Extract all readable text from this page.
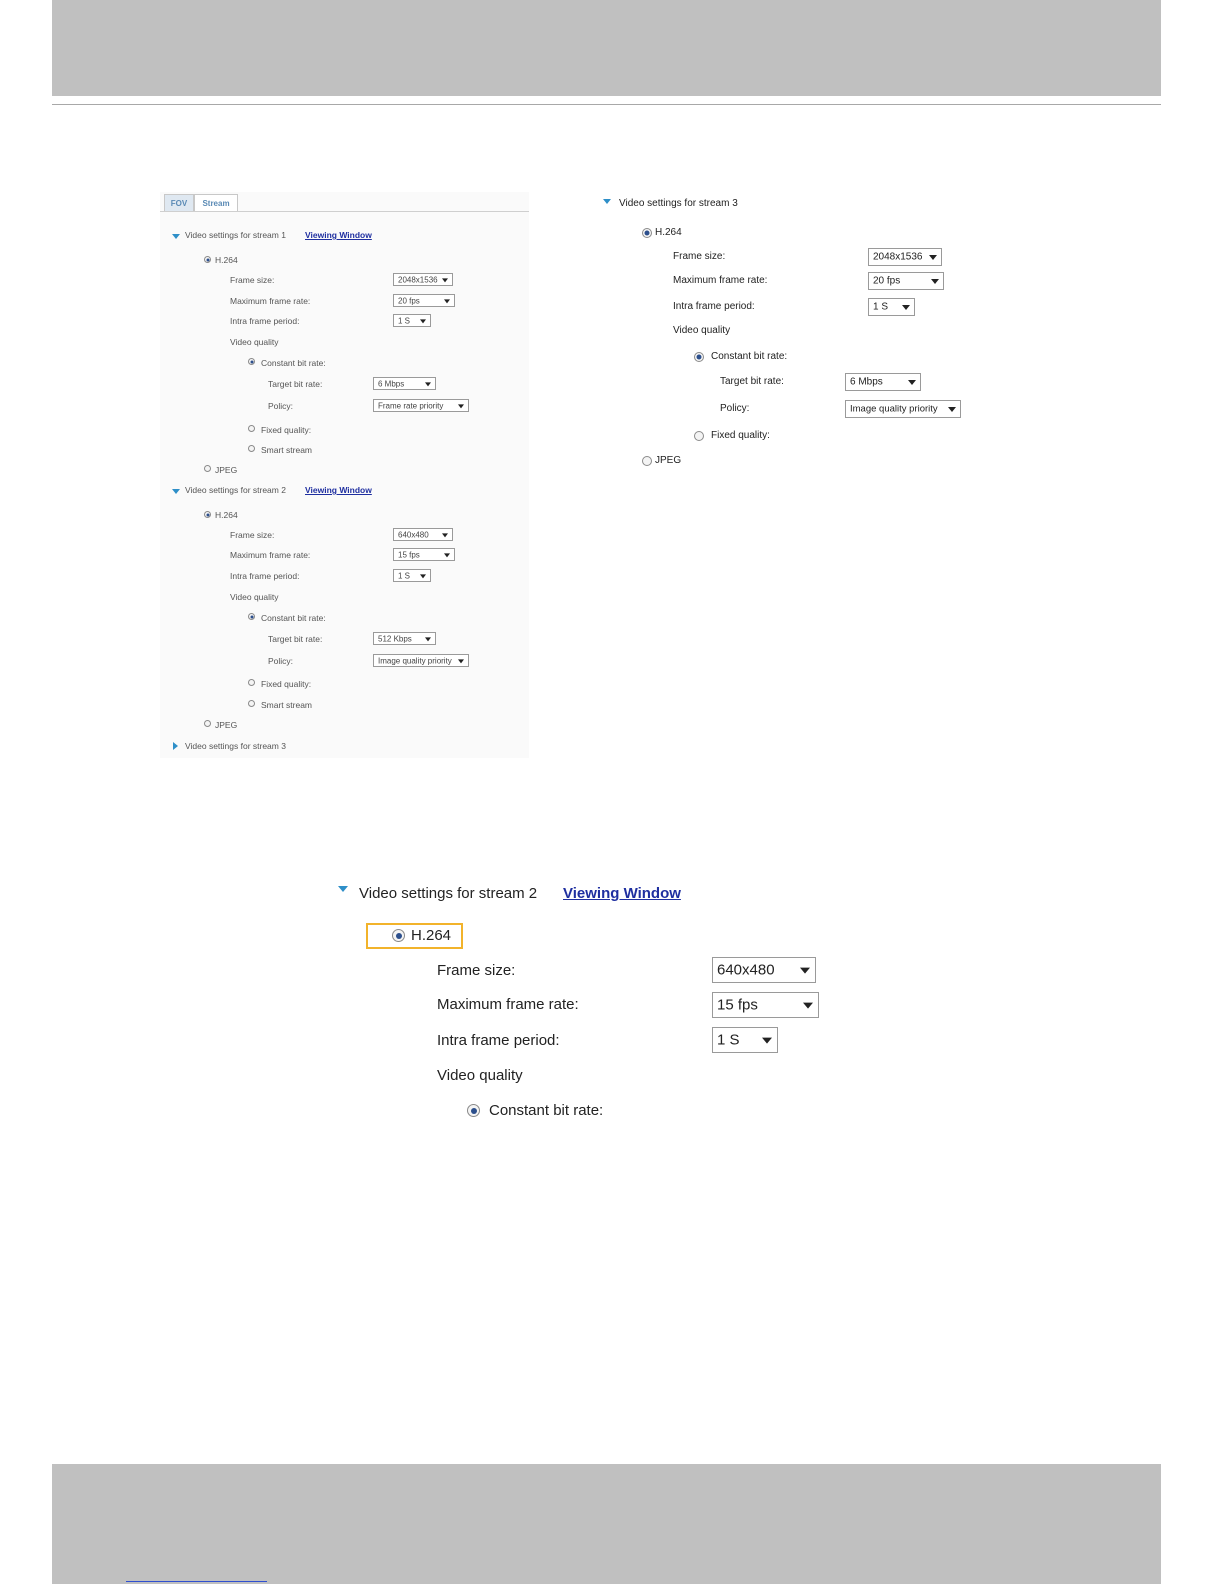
FOV	Stream
Video settings for stream 1 Viewing Window
H.264
Frame size:	2048x1536
Maximum frame rate:	20 fps
Intra frame period:	1 S
Video quality
Constant bit rate:
Target bit rate:	6 Mbps
Policy:	Frame rate priority
Fixed quality:
Smart stream
JPEG
Video settings for stream 2 Viewing Window
H.264
Frame size:	640x480
Maximum frame rate:	15 fps
Intra frame period:	1 S
Video quality
Constant bit rate:
Target bit rate:	512 Kbps
Policy:	Image quality priority
Fixed quality:
Smart stream
JPEG
Video settings for stream 3
Video settings for stream 3
H.264
Frame size:	2048x1536
Maximum frame rate:	20 fps
Intra frame period:	1 S
Video quality
Constant bit rate:
Target bit rate:	6 Mbps
Policy:	Image quality priority
Fixed quality:
JPEG
Video settings for stream 2 Viewing Window
H.264
Frame size:	640x480
Maximum frame rate:	15 fps
Intra frame period:	1 S
Video quality
Constant bit rate:
